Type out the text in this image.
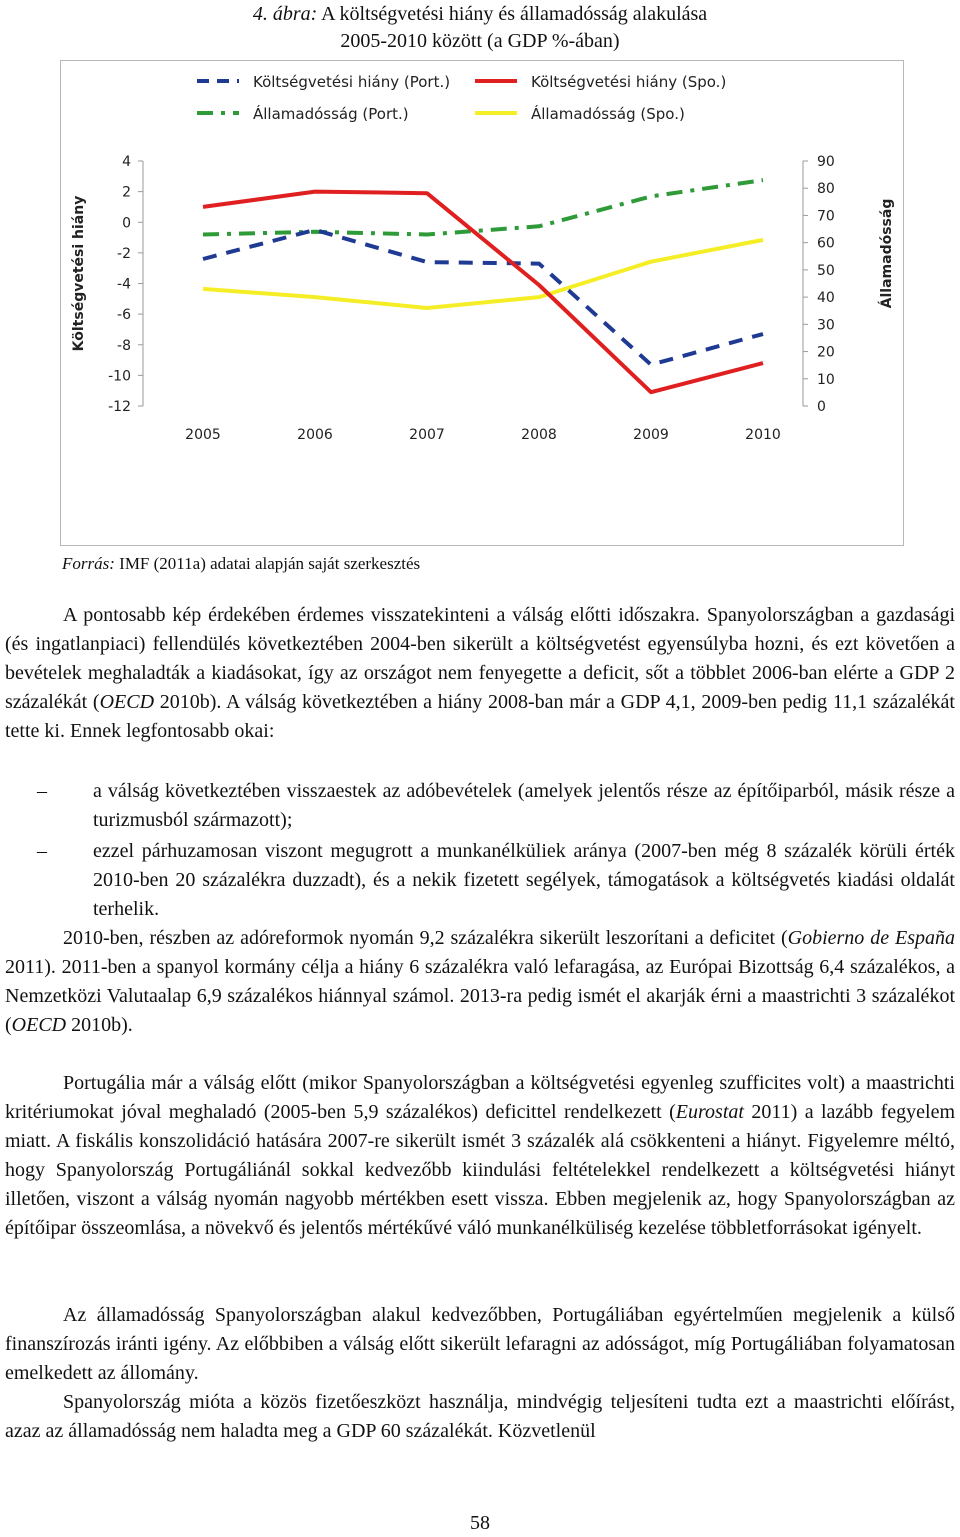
4. ábra: A költségvetési hiány és államadósság alakulása
2005-2010 között (a GDP %-ában)
4
2
0
-2
-4
-6
-8
-10
-12
90
80
70
60
50
40
30
20
10
0
2005	2006	2007	2008	2009	2010
Költségvetési hiány	Államadósság
Költségvetési hiány (Port.)	Költségvetési hiány (Spo.)
Államadósság (Port.)	Államadósság (Spo.)
Forrás: IMF (2011a) adatai alapján saját szerkesztés

A pontosabb kép érdekében érdemes visszatekinteni a válság előtti időszakra. Spanyolországban a gazdasági (és ingatlanpiaci) fellendülés következtében 2004-ben sikerült a költségvetést egyensúlyba hozni, és ezt követően a bevételek meghaladták a kiadásokat, így az országot nem fenyegette a deficit, sőt a többlet 2006-ban elérte a GDP 2 százalékát (OECD 2010b). A válság következtében a hiány 2008-ban már a GDP 4,1, 2009-ben pedig 11,1 százalékát tette ki. Ennek legfontosabb okai:

– a válság következtében visszaestek az adóbevételek (amelyek jelentős része az építőiparból, másik része a turizmusból származott);
– ezzel párhuzamosan viszont megugrott a munkanélküliek aránya (2007-ben még 8 százalék körüli érték 2010-ben 20 százalékra duzzadt), és a nekik fizetett segélyek, támogatások a költségvetés kiadási oldalát terhelik.

2010-ben, részben az adóreformok nyomán 9,2 százalékra sikerült leszorítani a deficitet (Gobierno de España 2011). 2011-ben a spanyol kormány célja a hiány 6 százalékra való lefaragása, az Európai Bizottság 6,4 százalékos, a Nemzetközi Valutaalap 6,9 százalékos hiánnyal számol. 2013-ra pedig ismét el akarják érni a maastrichti 3 százalékot (OECD 2010b).

Portugália már a válság előtt (mikor Spanyolországban a költségvetési egyenleg szufficites volt) a maastrichti kritériumokat jóval meghaladó (2005-ben 5,9 százalékos) deficittel rendelkezett (Eurostat 2011) a lazább fegyelem miatt. A fiskális konszolidáció hatására 2007-re sikerült ismét 3 százalék alá csökkenteni a hiányt. Figyelemre méltó, hogy Spanyolország Portugáliánál sokkal kedvezőbb kiindulási feltételekkel rendelkezett a költségvetési hiányt illetően, viszont a válság nyomán nagyobb mértékben esett vissza. Ebben megjelenik az, hogy Spanyolországban az építőipar összeomlása, a növekvő és jelentős mértékűvé váló munkanélküliség kezelése többletforrásokat igényelt.

Az államadósság Spanyolországban alakul kedvezőbben, Portugáliában egyértelműen megjelenik a külső finanszírozás iránti igény. Az előbbiben a válság előtt sikerült lefaragni az adósságot, míg Portugáliában folyamatosan emelkedett az állomány.

Spanyolország mióta a közös fizetőeszközt használja, mindvégig teljesíteni tudta ezt a maastrichti előírást, azaz az államadósság nem haladta meg a GDP 60 százalékát. Közvetlenül

58
